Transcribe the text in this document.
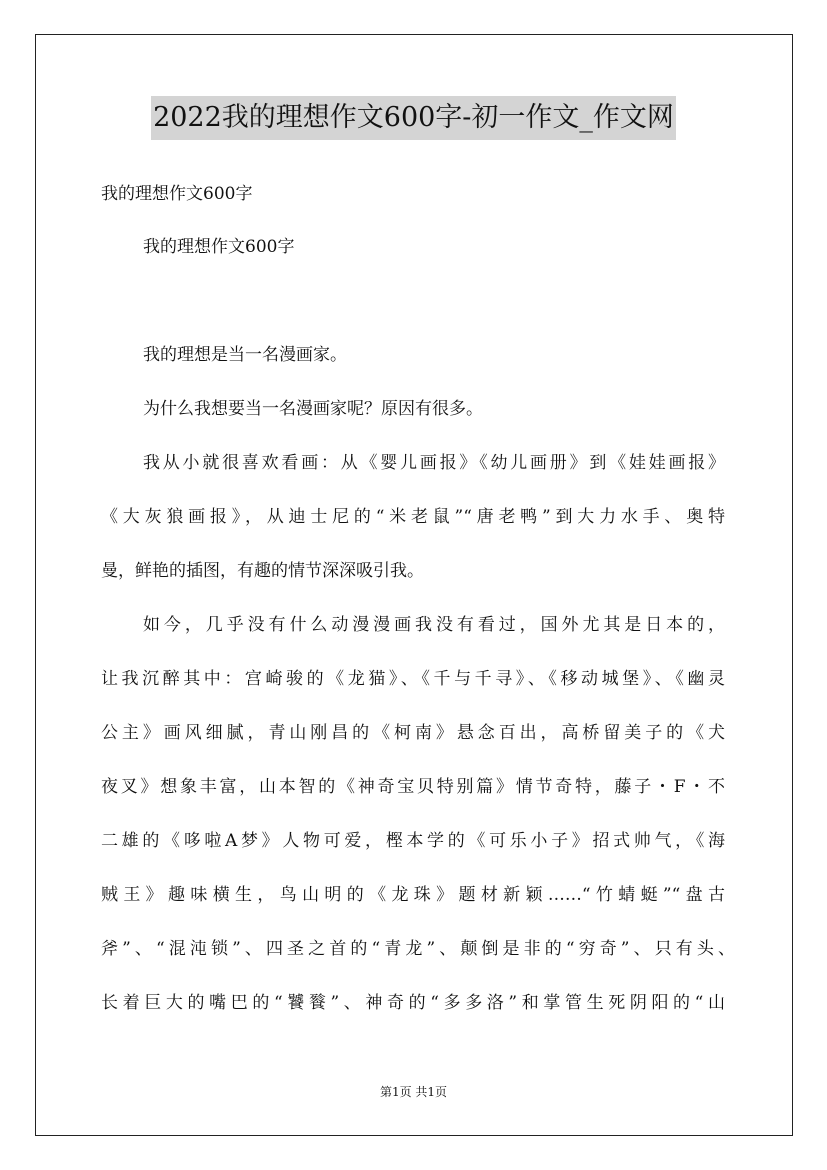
2022我的理想作文600字-初一作文_作文网
我的理想作文600字
我的理想作文600字
我的理想是当一名漫画家。
为什么我想要当一名漫画家呢？原因有很多。
我从小就很喜欢看画：从《婴儿画报》《幼儿画册》到《娃娃画报》
《大灰狼画报》，从迪士尼的“米老鼠”“唐老鸭”到大力水手、奥特
曼，鲜艳的插图，有趣的情节深深吸引我。
如今，几乎没有什么动漫漫画我没有看过，国外尤其是日本的，
让我沉醉其中：宫崎骏的《龙猫》、《千与千寻》、《移动城堡》、《幽灵
公主》画风细腻，青山刚昌的《柯南》悬念百出，高桥留美子的《犬
夜叉》想象丰富，山本智的《神奇宝贝特别篇》情节奇特，藤子・F・不
二雄的《哆啦A梦》人物可爱，樫本学的《可乐小子》招式帅气，《海
贼王》趣味横生，鸟山明的《龙珠》题材新颖……“竹蜻蜓”“盘古
斧”、“混沌锁”、四圣之首的“青龙”、颠倒是非的“穷奇”、只有头、
长着巨大的嘴巴的“饕餮”、神奇的“多多洛”和掌管生死阴阳的“山
第1页 共1页
